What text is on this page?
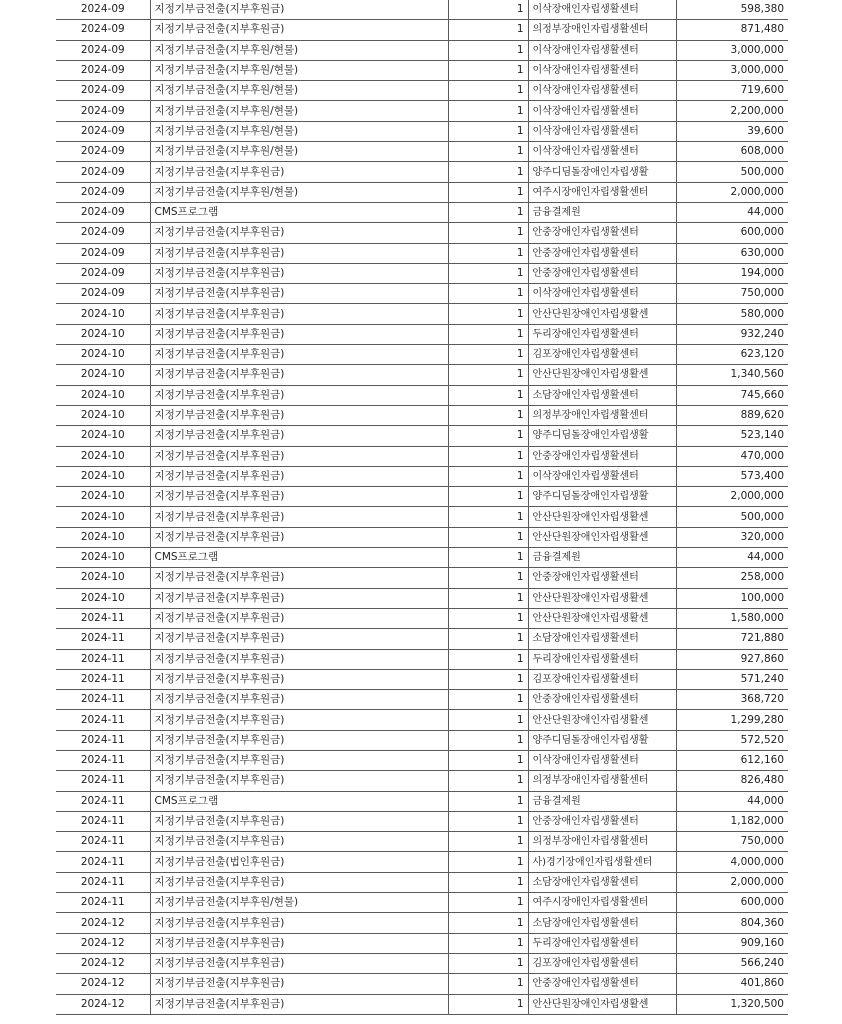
2024-09	지정기부금전출(지부후원금)	1	이삭장애인자립생활센터	598,380
2024-09	지정기부금전출(지부후원금)	1	의정부장애인자립생활센터	871,480
2024-09	지정기부금전출(지부후원/현물)	1	이삭장애인자립생활센터	3,000,000
2024-09	지정기부금전출(지부후원/현물)	1	이삭장애인자립생활센터	3,000,000
2024-09	지정기부금전출(지부후원/현물)	1	이삭장애인자립생활센터	719,600
2024-09	지정기부금전출(지부후원/현물)	1	이삭장애인자립생활센터	2,200,000
2024-09	지정기부금전출(지부후원/현물)	1	이삭장애인자립생활센터	39,600
2024-09	지정기부금전출(지부후원/현물)	1	이삭장애인자립생활센터	608,000
2024-09	지정기부금전출(지부후원금)	1	양주디딤돌장애인자립생활	500,000
2024-09	지정기부금전출(지부후원/현물)	1	여주시장애인자립생활센터	2,000,000
2024-09	CMS프로그램	1	금융결제원	44,000
2024-09	지정기부금전출(지부후원금)	1	안중장애인자립생활센터	600,000
2024-09	지정기부금전출(지부후원금)	1	안중장애인자립생활센터	630,000
2024-09	지정기부금전출(지부후원금)	1	안중장애인자립생활센터	194,000
2024-09	지정기부금전출(지부후원금)	1	이삭장애인자립생활센터	750,000
2024-10	지정기부금전출(지부후원금)	1	안산단원장애인자립생활센	580,000
2024-10	지정기부금전출(지부후원금)	1	두리장애인자립생활센터	932,240
2024-10	지정기부금전출(지부후원금)	1	김포장애인자립생활센터	623,120
2024-10	지정기부금전출(지부후원금)	1	안산단원장애인자립생활센	1,340,560
2024-10	지정기부금전출(지부후원금)	1	소담장애인자립생활센터	745,660
2024-10	지정기부금전출(지부후원금)	1	의정부장애인자립생활센터	889,620
2024-10	지정기부금전출(지부후원금)	1	양주디딤돌장애인자립생활	523,140
2024-10	지정기부금전출(지부후원금)	1	안중장애인자립생활센터	470,000
2024-10	지정기부금전출(지부후원금)	1	이삭장애인자립생활센터	573,400
2024-10	지정기부금전출(지부후원금)	1	양주디딤돌장애인자립생활	2,000,000
2024-10	지정기부금전출(지부후원금)	1	안산단원장애인자립생활센	500,000
2024-10	지정기부금전출(지부후원금)	1	안산단원장애인자립생활센	320,000
2024-10	CMS프로그램	1	금융결제원	44,000
2024-10	지정기부금전출(지부후원금)	1	안중장애인자립생활센터	258,000
2024-10	지정기부금전출(지부후원금)	1	안산단원장애인자립생활센	100,000
2024-11	지정기부금전출(지부후원금)	1	안산단원장애인자립생활센	1,580,000
2024-11	지정기부금전출(지부후원금)	1	소담장애인자립생활센터	721,880
2024-11	지정기부금전출(지부후원금)	1	두리장애인자립생활센터	927,860
2024-11	지정기부금전출(지부후원금)	1	김포장애인자립생활센터	571,240
2024-11	지정기부금전출(지부후원금)	1	안중장애인자립생활센터	368,720
2024-11	지정기부금전출(지부후원금)	1	안산단원장애인자립생활센	1,299,280
2024-11	지정기부금전출(지부후원금)	1	양주디딤돌장애인자립생활	572,520
2024-11	지정기부금전출(지부후원금)	1	이삭장애인자립생활센터	612,160
2024-11	지정기부금전출(지부후원금)	1	의정부장애인자립생활센터	826,480
2024-11	CMS프로그램	1	금융결제원	44,000
2024-11	지정기부금전출(지부후원금)	1	안중장애인자립생활센터	1,182,000
2024-11	지정기부금전출(지부후원금)	1	의정부장애인자립생활센터	750,000
2024-11	지정기부금전출(법인후원금)	1	사)경기장애인자립생활센터	4,000,000
2024-11	지정기부금전출(지부후원금)	1	소담장애인자립생활센터	2,000,000
2024-11	지정기부금전출(지부후원/현물)	1	여주시장애인자립생활센터	600,000
2024-12	지정기부금전출(지부후원금)	1	소담장애인자립생활센터	804,360
2024-12	지정기부금전출(지부후원금)	1	두리장애인자립생활센터	909,160
2024-12	지정기부금전출(지부후원금)	1	김포장애인자립생활센터	566,240
2024-12	지정기부금전출(지부후원금)	1	안중장애인자립생활센터	401,860
2024-12	지정기부금전출(지부후원금)	1	안산단원장애인자립생활센	1,320,500
